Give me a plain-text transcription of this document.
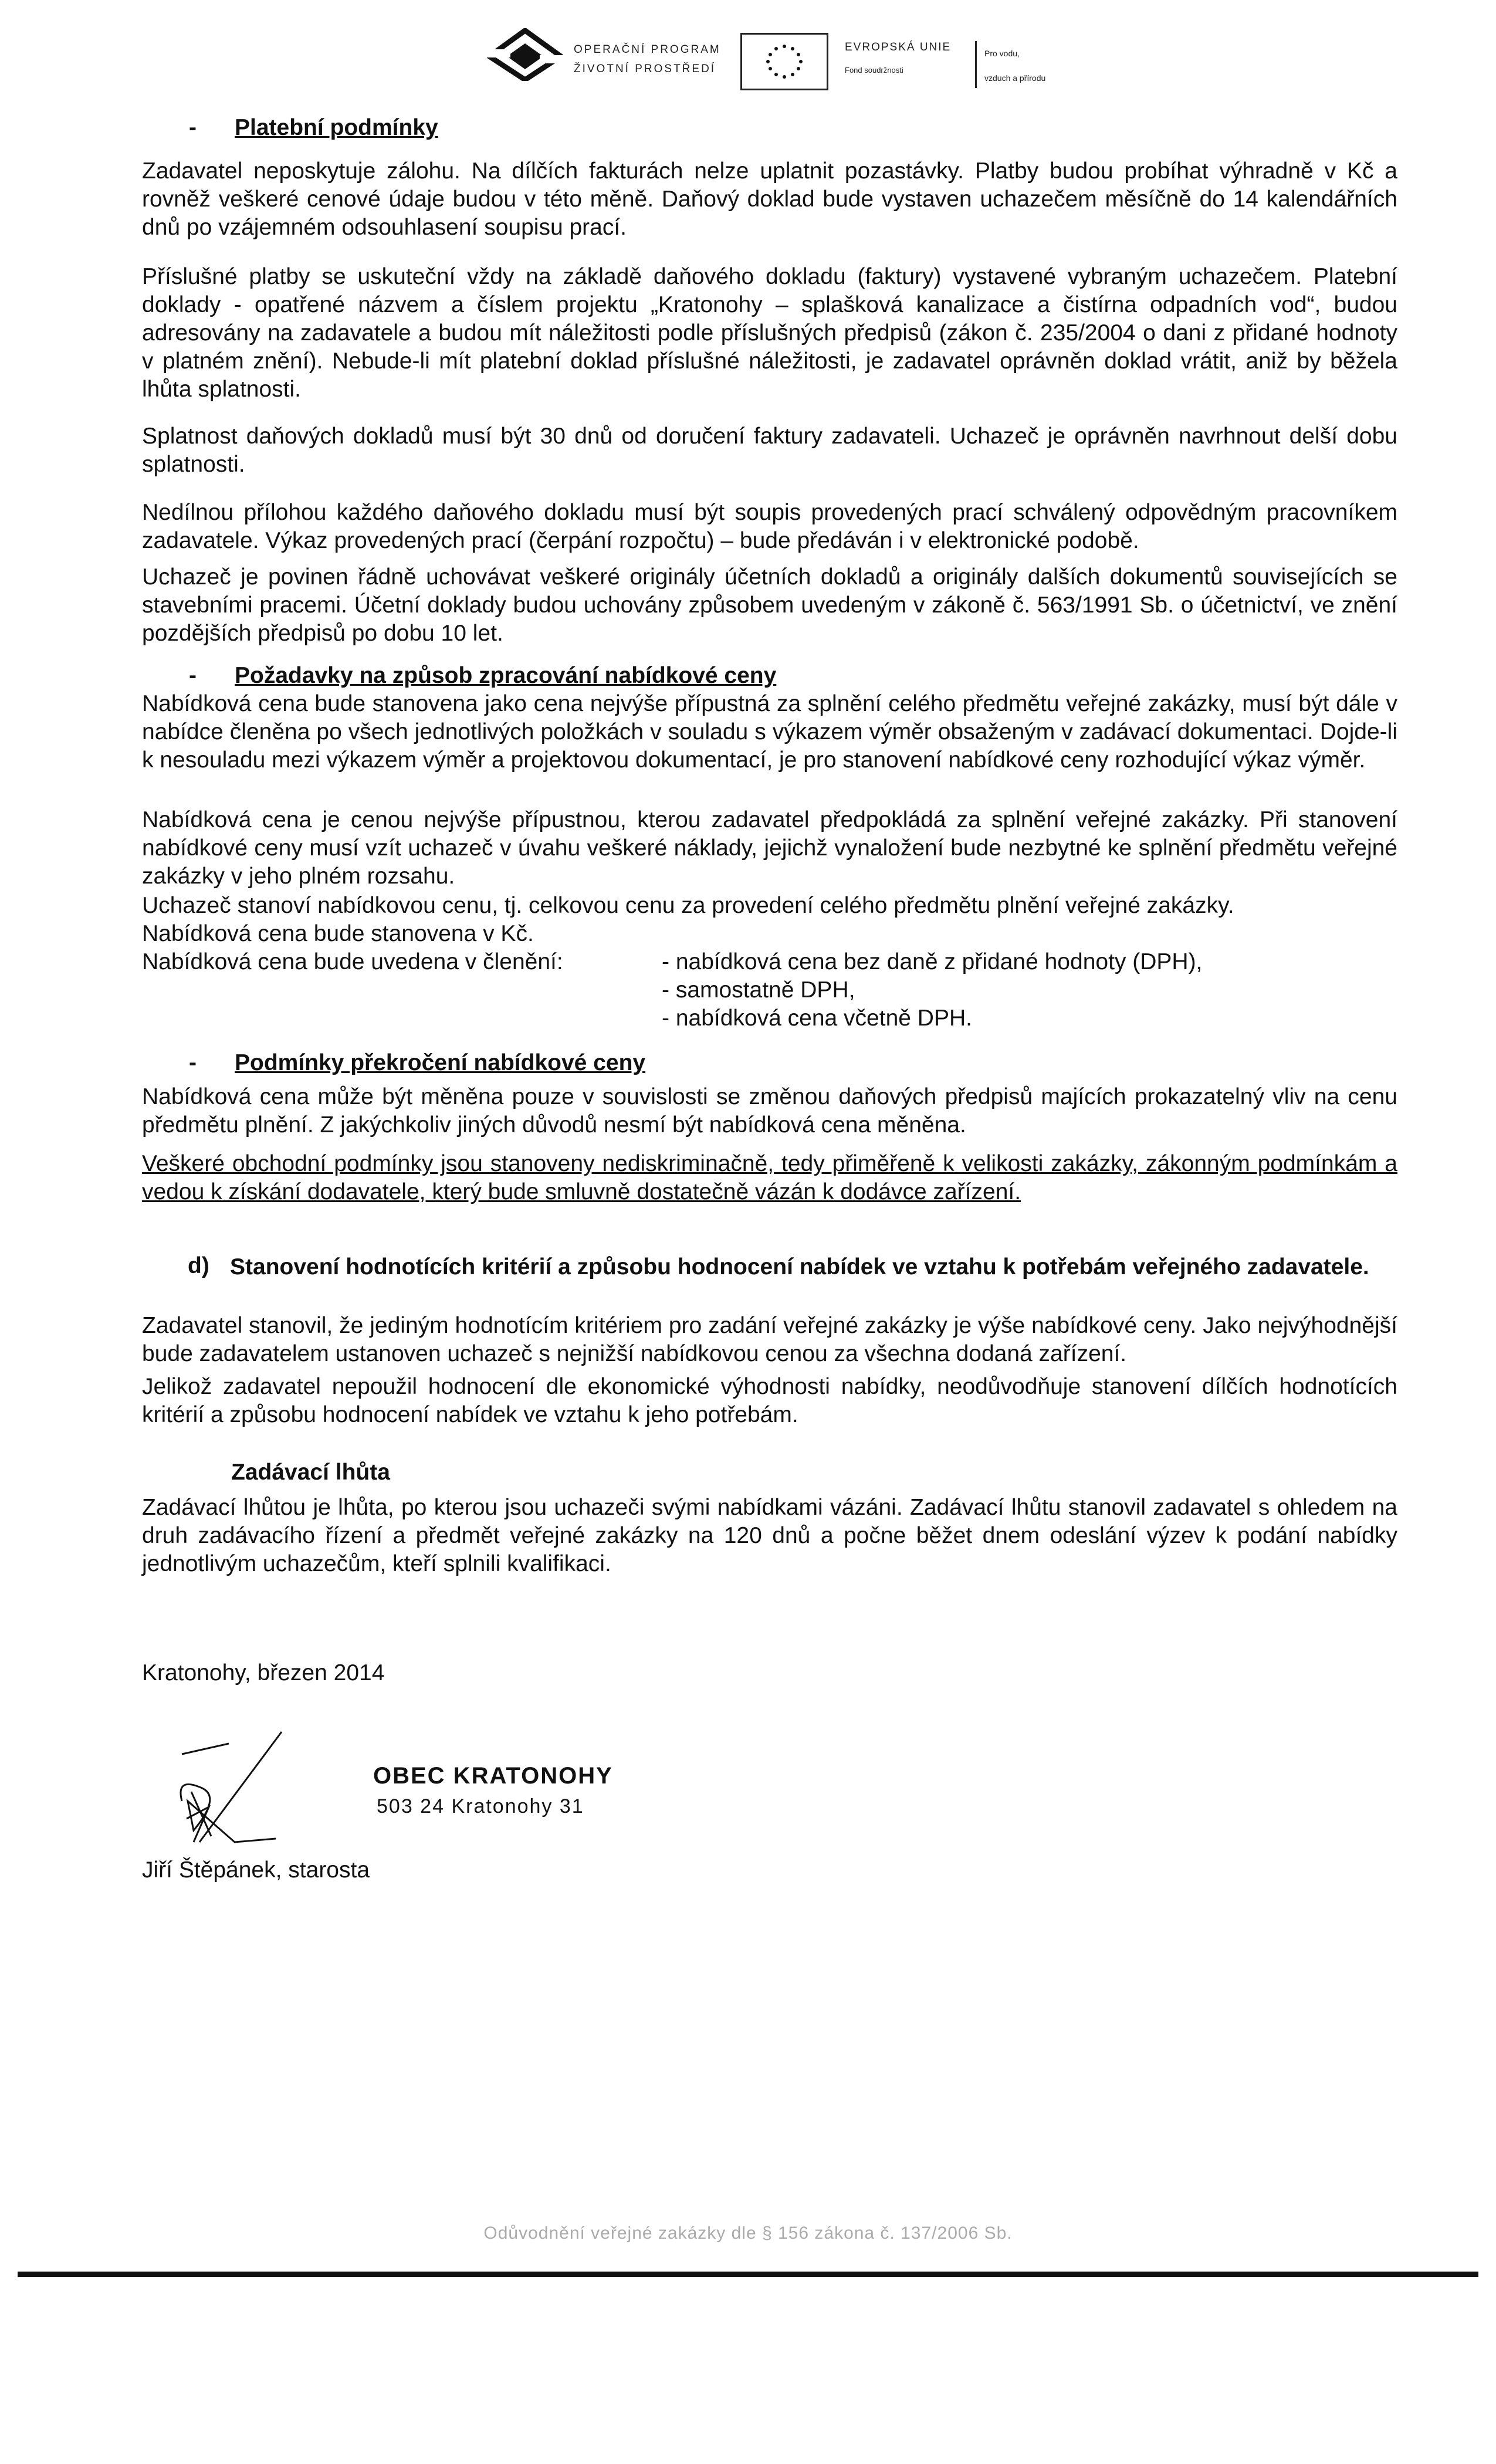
OPERAČNÍ PROGRAM
ŽIVOTNÍ PROSTŘEDÍ
EVROPSKÁ UNIE
Fond soudržnosti
Pro vodu,
vzduch a přírodu
- Platební podmínky
Zadavatel neposkytuje zálohu. Na dílčích fakturách nelze uplatnit pozastávky. Platby budou probíhat výhradně v Kč a rovněž veškeré cenové údaje budou v této měně. Daňový doklad bude vystaven uchazečem měsíčně do 14 kalendářních dnů po vzájemném odsouhlasení soupisu prací.
Příslušné platby se uskuteční vždy na základě daňového dokladu (faktury) vystavené vybraným uchazečem. Platební doklady - opatřené názvem a číslem projektu „Kratonohy – splašková kanalizace a čistírna odpadních vod“, budou adresovány na zadavatele a budou mít náležitosti podle příslušných předpisů (zákon č. 235/2004 o dani z přidané hodnoty v platném znění). Nebude-li mít platební doklad příslušné náležitosti, je zadavatel oprávněn doklad vrátit, aniž by běžela lhůta splatnosti.
Splatnost daňových dokladů musí být 30 dnů od doručení faktury zadavateli. Uchazeč je oprávněn navrhnout delší dobu splatnosti.
Nedílnou přílohou každého daňového dokladu musí být soupis provedených prací schválený odpovědným pracovníkem zadavatele. Výkaz provedených prací (čerpání rozpočtu) – bude předáván i v elektronické podobě.
Uchazeč je povinen řádně uchovávat veškeré originály účetních dokladů a originály dalších dokumentů souvisejících se stavebními pracemi. Účetní doklady budou uchovány způsobem uvedeným v zákoně č. 563/1991 Sb. o účetnictví, ve znění pozdějších předpisů po dobu 10 let.
- Požadavky na způsob zpracování nabídkové ceny
Nabídková cena bude stanovena jako cena nejvýše přípustná za splnění celého předmětu veřejné zakázky, musí být dále v nabídce členěna po všech jednotlivých položkách v souladu s výkazem výměr obsaženým v zadávací dokumentaci. Dojde-li k nesouladu mezi výkazem výměr a projektovou dokumentací, je pro stanovení nabídkové ceny rozhodující výkaz výměr.
Nabídková cena je cenou nejvýše přípustnou, kterou zadavatel předpokládá za splnění veřejné zakázky. Při stanovení nabídkové ceny musí vzít uchazeč v úvahu veškeré náklady, jejichž vynaložení bude nezbytné ke splnění předmětu veřejné zakázky v jeho plném rozsahu.
Uchazeč stanoví nabídkovou cenu, tj. celkovou cenu za provedení celého předmětu plnění veřejné zakázky.
Nabídková cena bude stanovena v Kč.
Nabídková cena bude uvedena v členění:	- nabídková cena bez daně z přidané hodnoty (DPH),
- samostatně DPH,
- nabídková cena včetně DPH.
- Podmínky překročení nabídkové ceny
Nabídková cena může být měněna pouze v souvislosti se změnou daňových předpisů majících prokazatelný vliv na cenu předmětu plnění. Z jakýchkoliv jiných důvodů nesmí být nabídková cena měněna.
Veškeré obchodní podmínky jsou stanoveny nediskriminačně, tedy přiměřeně k velikosti zakázky, zákonným podmínkám a vedou k získání dodavatele, který bude smluvně dostatečně vázán k dodávce zařízení.
d) Stanovení hodnotících kritérií a způsobu hodnocení nabídek ve vztahu k potřebám veřejného zadavatele.
Zadavatel stanovil, že jediným hodnotícím kritériem pro zadání veřejné zakázky je výše nabídkové ceny. Jako nejvýhodnější bude zadavatelem ustanoven uchazeč s nejnižší nabídkovou cenou za všechna dodaná zařízení.
Jelikož zadavatel nepoužil hodnocení dle ekonomické výhodnosti nabídky, neodůvodňuje stanovení dílčích hodnotících kritérií a způsobu hodnocení nabídek ve vztahu k jeho potřebám.
Zadávací lhůta
Zadávací lhůtou je lhůta, po kterou jsou uchazeči svými nabídkami vázáni. Zadávací lhůtu stanovil zadavatel s ohledem na druh zadávacího řízení a předmět veřejné zakázky na 120 dnů a počne běžet dnem odeslání výzev k podání nabídky jednotlivým uchazečům, kteří splnili kvalifikaci.
Kratonohy, březen 2014
OBEC KRATONOHY
503 24 Kratonohy 31
Jiří Štěpánek, starosta
Odůvodnění veřejné zakázky dle § 156 zákona č. 137/2006 Sb.
